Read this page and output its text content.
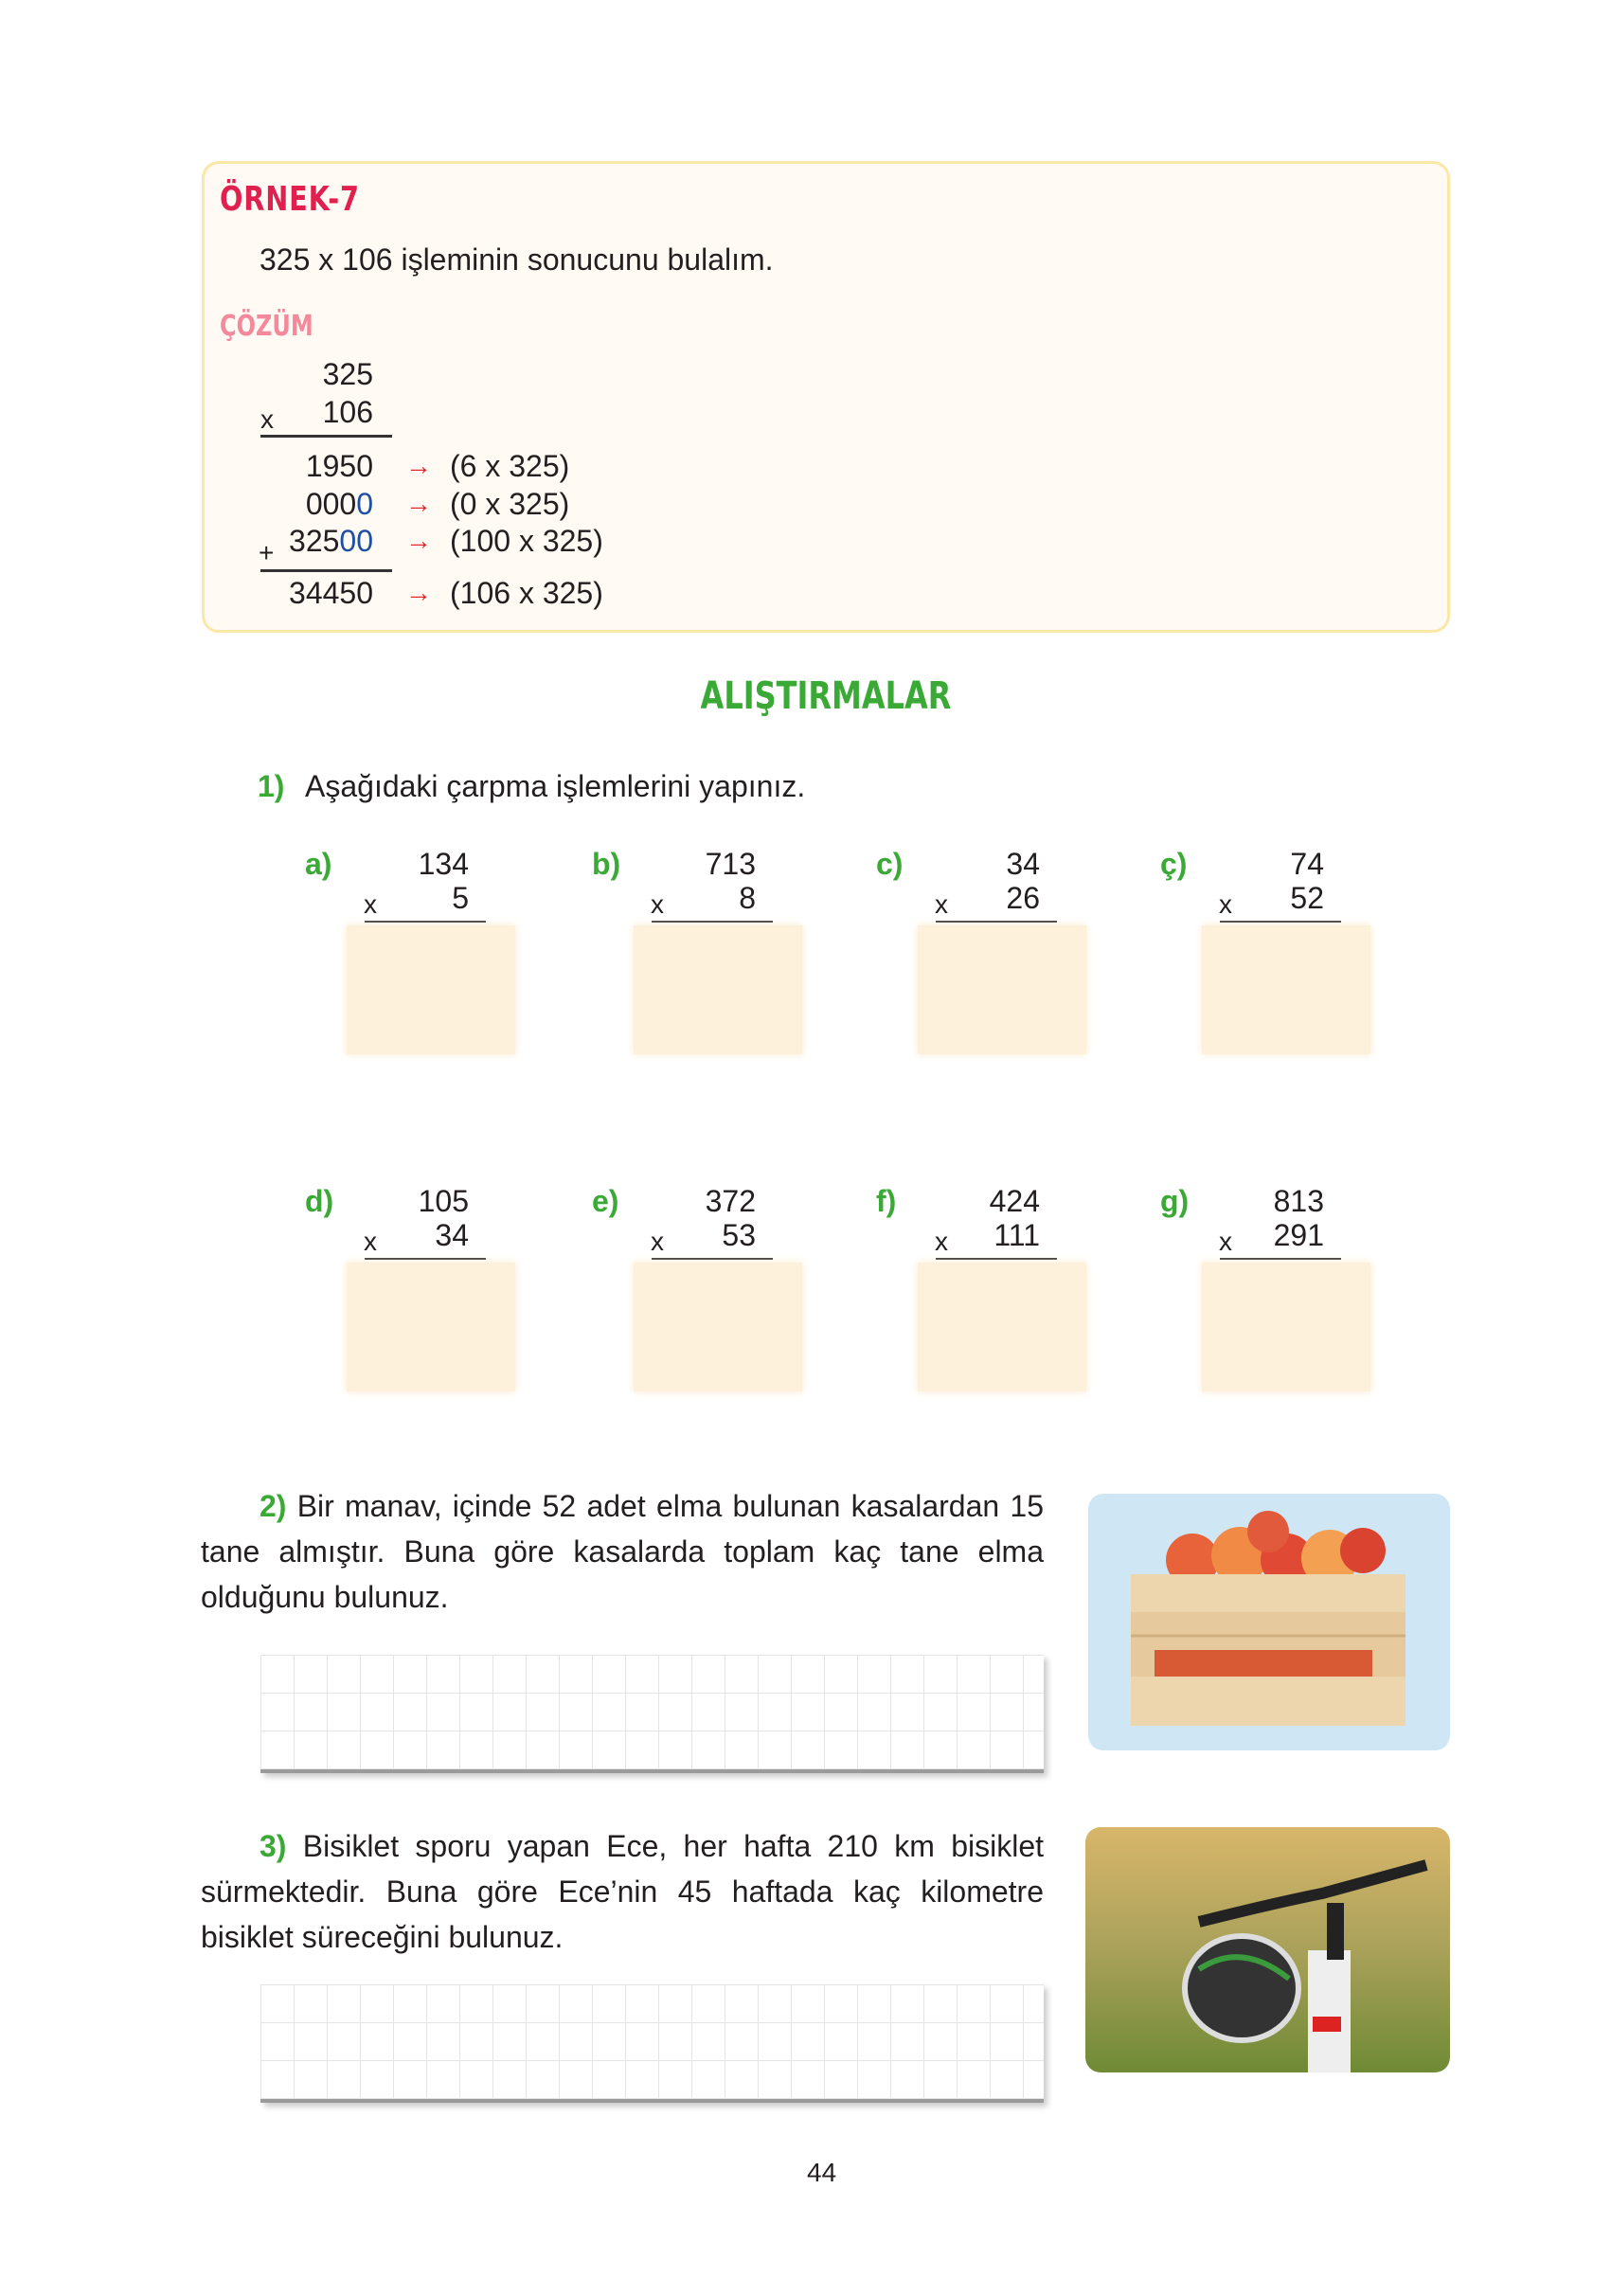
ÖRNEK-7
325 x 106 işleminin sonucunu bulalım.
ÇÖZÜM
325
x	106
1950 → (6 x 325)
0000 → (0 x 325)
32500 → (100 x 325)
+
34450 → (106 x 325)
ALIŞTIRMALAR
1) Aşağıdaki çarpma işlemlerini yapınız.
a)	134
x	5
b)	713
x	8
c)	34
x	26
ç)	74
x	52
d)	105
x	34
e)	372
x	53
f)	424
x	111
g)	813
x	291
2) Bir manav, içinde 52 adet elma bulunan kasalardan 15 tane almıştır. Buna göre kasalarda toplam kaç tane elma olduğunu bulunuz.
3) Bisiklet sporu yapan Ece, her hafta 210 km bisiklet sürmektedir. Buna göre Ece’nin 45 haftada kaç kilometre bisiklet süreceğini bulunuz.
44
